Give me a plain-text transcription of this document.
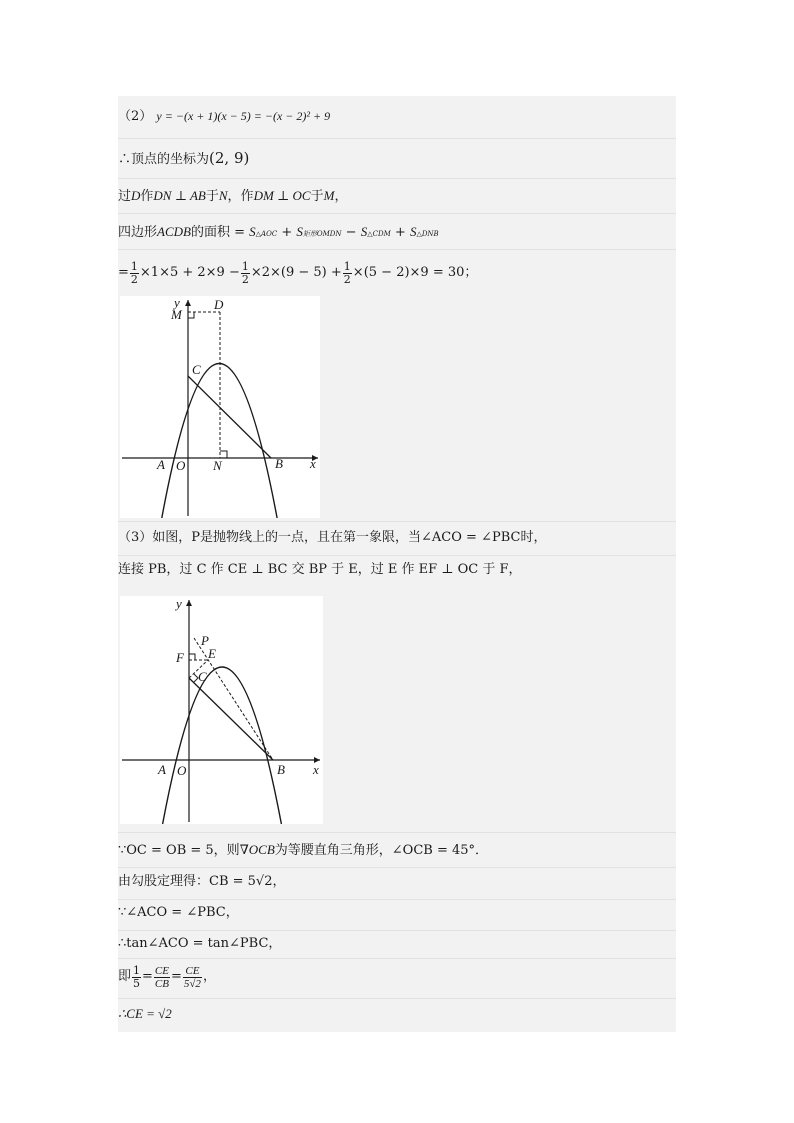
（2） y = −(x + 1)(x − 5) = −(x − 2)² + 9
∴顶点的坐标为(2, 9)
过D作DN ⊥ AB于N，作DM ⊥ OC于M，
四边形ACDB的面积 = S△AOC + S矩形OMDN − S△CDM + S△DNB
= $\frac{1}{2} \times 1\times 5 + 2\times 9 - \frac{1}{2} \times 2\times(9 - 5) + \frac{1}{2} \times(5 - 2)\times 9 = 30$；
y	D
M
C
A O N	B x
（3）如图，P是抛物线上的一点，且在第一象限，当∠ACO = ∠PBC时，
连接 PB，过 C 作 CE ⊥ BC 交 BP 于 E，过 E 作 EF ⊥ OC 于 F，
y
P
E
F
C
A O	B x
∵OC = OB = 5，则∇OCB为等腰直角三角形，∠OCB = 45°．
由勾股定理得：CB = 5√2，
∵∠ACO = ∠PBC，
∴tan∠ACO = tan∠PBC，
即 $\frac{1}{5} = \frac{CE}{CB} = \frac{CE}{5√2}$ ，
∴CE = √2
